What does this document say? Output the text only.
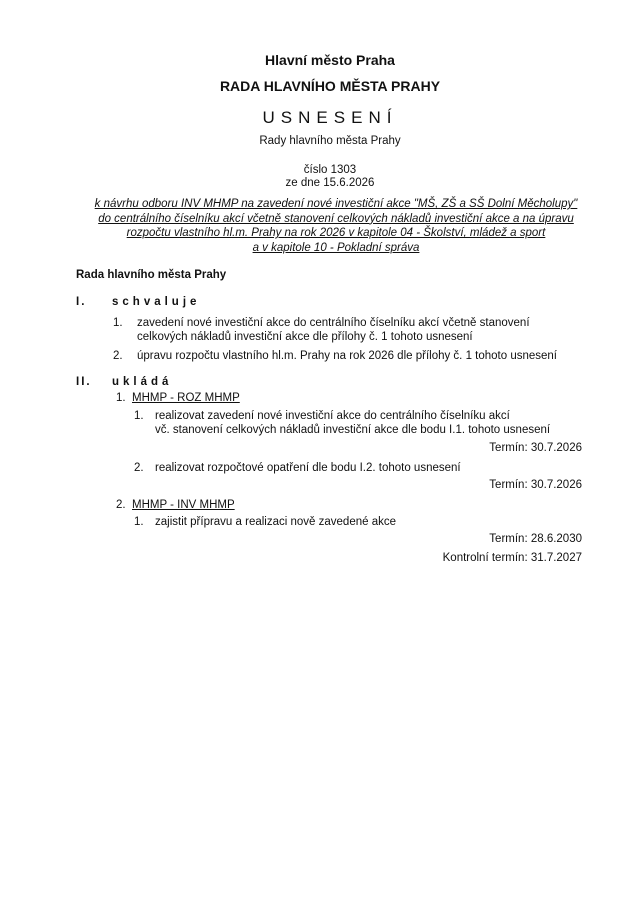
Hlavní město Praha
RADA HLAVNÍHO MĚSTA PRAHY
USNESENÍ
Rady hlavního města Prahy
číslo 1303
ze dne 15.6.2026
k návrhu odboru INV MHMP na zavedení nové investiční akce "MŠ, ZŠ a SŠ Dolní Měcholupy"
do centrálního číselníku akcí včetně stanovení celkových nákladů investiční akce a na úpravu
rozpočtu vlastního hl.m. Prahy na rok 2026 v kapitole 04 - Školství, mládež a sport
a v kapitole 10 - Pokladní správa
Rada hlavního města Prahy
I. schvaluje
1. zavedení nové investiční akce do centrálního číselníku akcí včetně stanovení
celkových nákladů investiční akce dle přílohy č. 1 tohoto usnesení
2. úpravu rozpočtu vlastního hl.m. Prahy na rok 2026 dle přílohy č. 1 tohoto usnesení
II. ukládá
1. MHMP - ROZ MHMP
1. realizovat zavedení nové investiční akce do centrálního číselníku akcí
vč. stanovení celkových nákladů investiční akce dle bodu I.1. tohoto usnesení
Termín: 30.7.2026
2. realizovat rozpočtové opatření dle bodu I.2. tohoto usnesení
Termín: 30.7.2026
2. MHMP - INV MHMP
1. zajistit přípravu a realizaci nově zavedené akce
Termín: 28.6.2030
Kontrolní termín: 31.7.2027
